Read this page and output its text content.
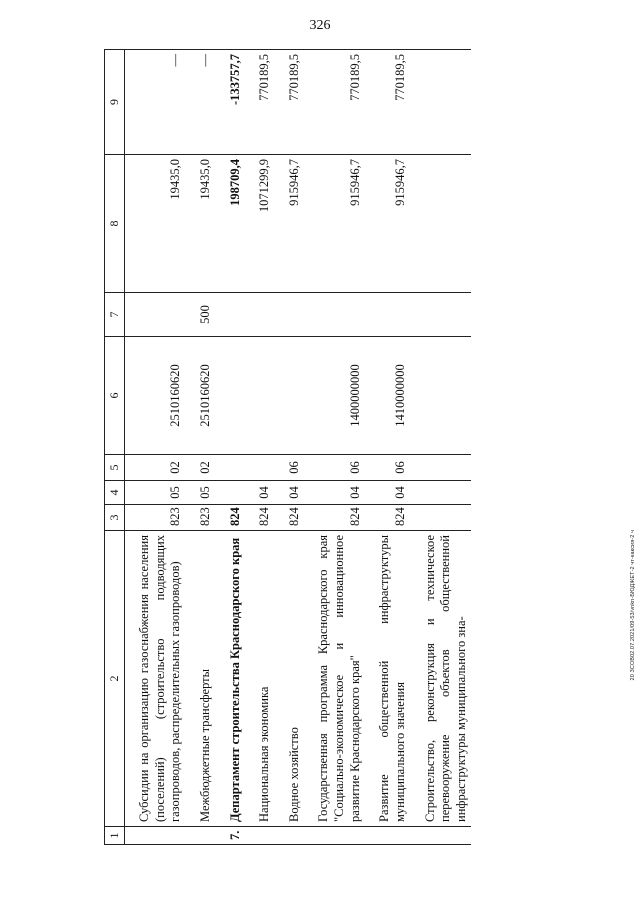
326
20 ЗСОВ02.07.2021/09-53/vnkn-БЮДЖЕТ-2 чт-каксия-2 ч
1	2	3	4	5	6	7	8	9
	Субсидии на организацию газоснабжения населения (поселений) (строительство подводящих газопроводов, распределительных газопроводов)	823	05	02	2510160620		19435,0	—
	Межбюджетные трансферты	823	05	02	2510160620	500	19435,0	—
7.	Департамент строительства Краснодарского края	824					198709,4	-133757,7
	Национальная экономика	824	04				1071299,9	770189,5
	Водное хозяйство	824	04	06			915946,7	770189,5
	Государственная программа Краснодарского края "Социально-экономическое и инновационное развитие Краснодарского края"	824	04	06	1400000000		915946,7	770189,5
	Развитие общественной инфраструктуры муниципального значения	824	04	06	1410000000		915946,7	770189,5
	Строительство, реконструкция и техническое перевооружение объектов общественной инфраструктуры муниципального зна-							
